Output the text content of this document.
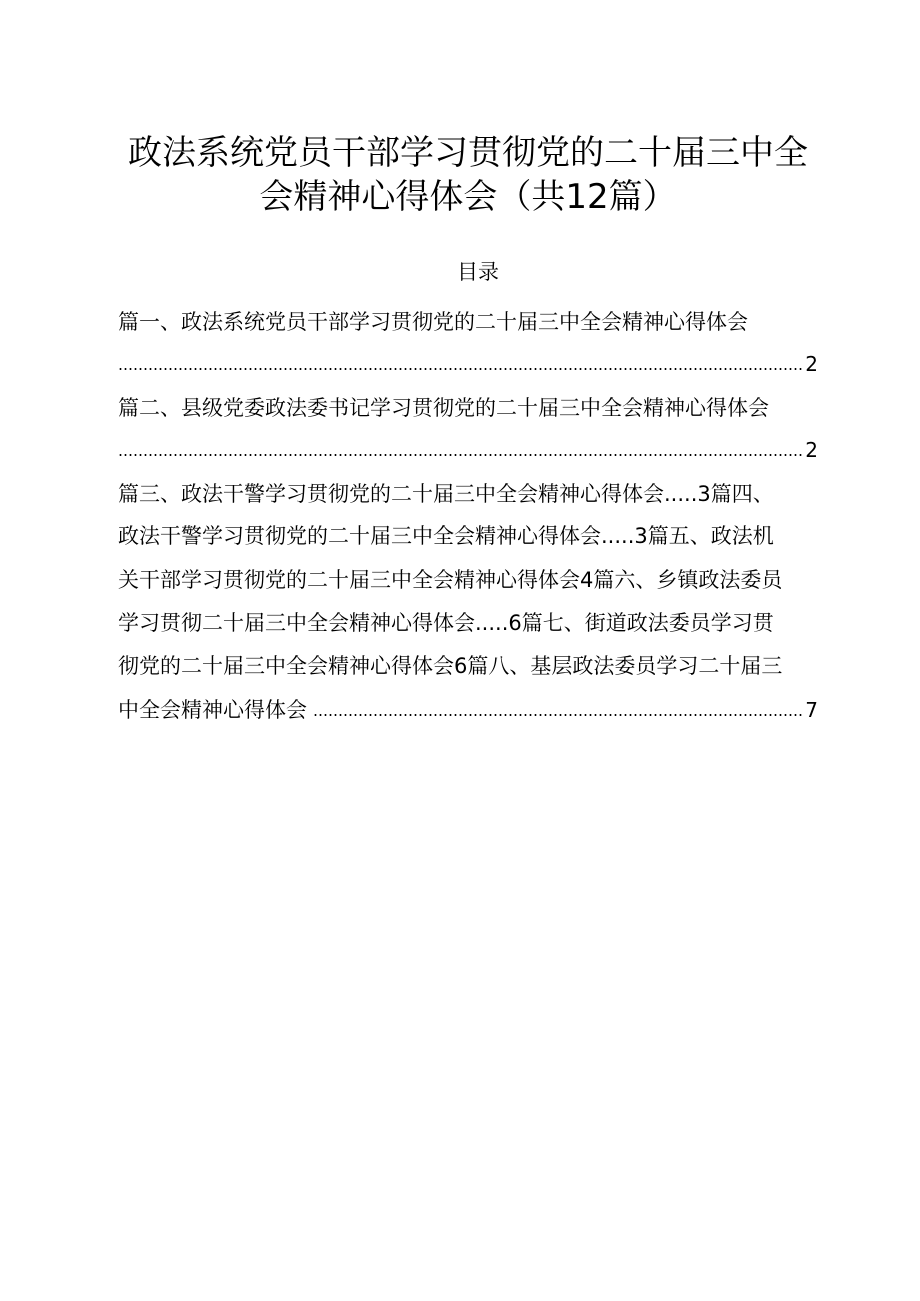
政法系统党员干部学习贯彻党的二十届三中全
会精神心得体会（共12篇）
目录
篇一、政法系统党员干部学习贯彻党的二十届三中全会精神心得体会
2
篇二、县级党委政法委书记学习贯彻党的二十届三中全会精神心得体会
2
篇三、政法干警学习贯彻党的二十届三中全会精神心得体会.....3篇四、
政法干警学习贯彻党的二十届三中全会精神心得体会.....3篇五、政法机
关干部学习贯彻党的二十届三中全会精神心得体会4篇六、乡镇政法委员
学习贯彻二十届三中全会精神心得体会.....6篇七、街道政法委员学习贯
彻党的二十届三中全会精神心得体会6篇八、基层政法委员学习二十届三
中全会精神心得体会	7
